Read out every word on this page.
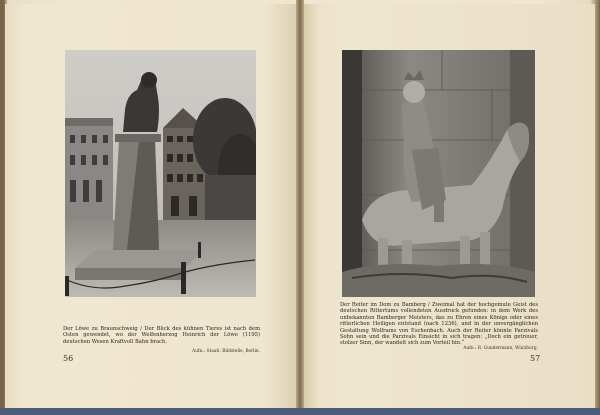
Der Löwe zu Braunschweig / Der Blick des kühnen Tieres ist nach dem Osten gewendet, wo der Welfenherzog Heinrich der Löwe (1195) deutschen Wesen Kraftvoll Bahn brach.
Aufn.: Staatl. Bildstelle, Berlin.
56
Der Reiter im Dom zu Bamberg / Zweimal hat der hochgemute Geist des deutschen Rittertums vollendeten Ausdruck gefunden: in dem Werk des unbekannten Bamberger Meisters, das zu Ehren eines Königs oder eines ritterlichen Heiligen entstand (nach 1236), und in der unvergänglichen Gestaltung Wolframs von Eschenbach. Auch der Reiter könnte Parzivals Sohn sein und die Parzivals Einsicht in sich tragen: „Doch ein getreuer, stolzer Sinn, der wandelt sich zum Vorteil hin.“
Aufn.: R. Gundermann, Würzburg.
57
